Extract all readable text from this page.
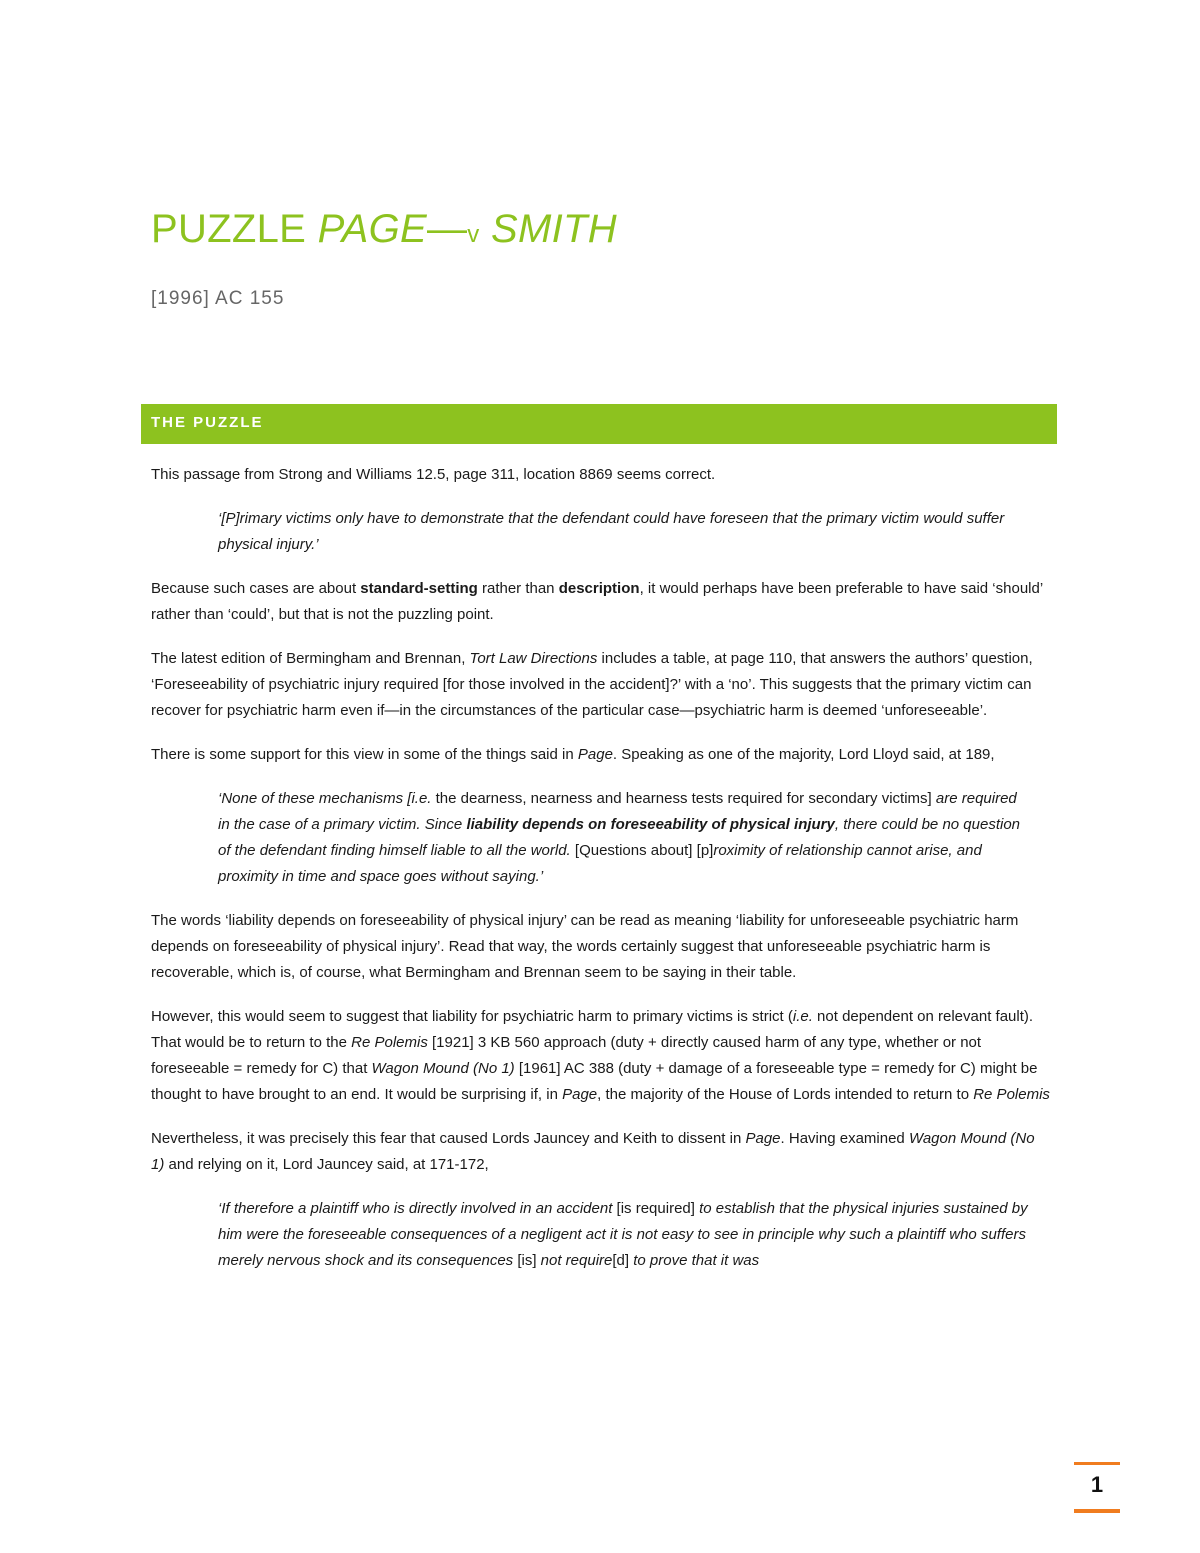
PUZZLE PAGE—v SMITH
[1996] AC 155
THE PUZZLE

This passage from Strong and Williams 12.5, page 311, location 8869 seems correct.

‘[P]rimary victims only have to demonstrate that the defendant could have foreseen that the primary victim would suffer physical injury.’

Because such cases are about standard-setting rather than description, it would perhaps have been preferable to have said ‘should’ rather than ‘could’, but that is not the puzzling point.

The latest edition of Bermingham and Brennan, Tort Law Directions includes a table, at page 110, that answers the authors’ question, ‘Foreseeability of psychiatric injury required [for those involved in the accident]?’ with a ‘no’. This suggests that the primary victim can recover for psychiatric harm even if—in the circumstances of the particular case—psychiatric harm is deemed ‘unforeseeable’.

There is some support for this view in some of the things said in Page. Speaking as one of the majority, Lord Lloyd said, at 189,

‘None of these mechanisms [i.e. the dearness, nearness and hearness tests required for secondary victims] are required in the case of a primary victim. Since liability depends on foreseeability of physical injury, there could be no question of the defendant finding himself liable to all the world. [Questions about] [p]roximity of relationship cannot arise, and proximity in time and space goes without saying.’

The words ‘liability depends on foreseeability of physical injury’ can be read as meaning ‘liability for unforeseeable psychiatric harm depends on foreseeability of physical injury’. Read that way, the words certainly suggest that unforeseeable psychiatric harm is recoverable, which is, of course, what Bermingham and Brennan seem to be saying in their table.

However, this would seem to suggest that liability for psychiatric harm to primary victims is strict (i.e. not dependent on relevant fault). That would be to return to the Re Polemis [1921] 3 KB 560 approach (duty + directly caused harm of any type, whether or not foreseeable = remedy for C) that Wagon Mound (No 1) [1961] AC 388 (duty + damage of a foreseeable type = remedy for C) might be thought to have brought to an end. It would be surprising if, in Page, the majority of the House of Lords intended to return to Re Polemis

Nevertheless, it was precisely this fear that caused Lords Jauncey and Keith to dissent in Page. Having examined Wagon Mound (No 1) and relying on it, Lord Jauncey said, at 171-172,

‘If therefore a plaintiff who is directly involved in an accident [is required] to establish that the physical injuries sustained by him were the foreseeable consequences of a negligent act it is not easy to see in principle why such a plaintiff who suffers merely nervous shock and its consequences [is] not require[d] to prove that it was

1
